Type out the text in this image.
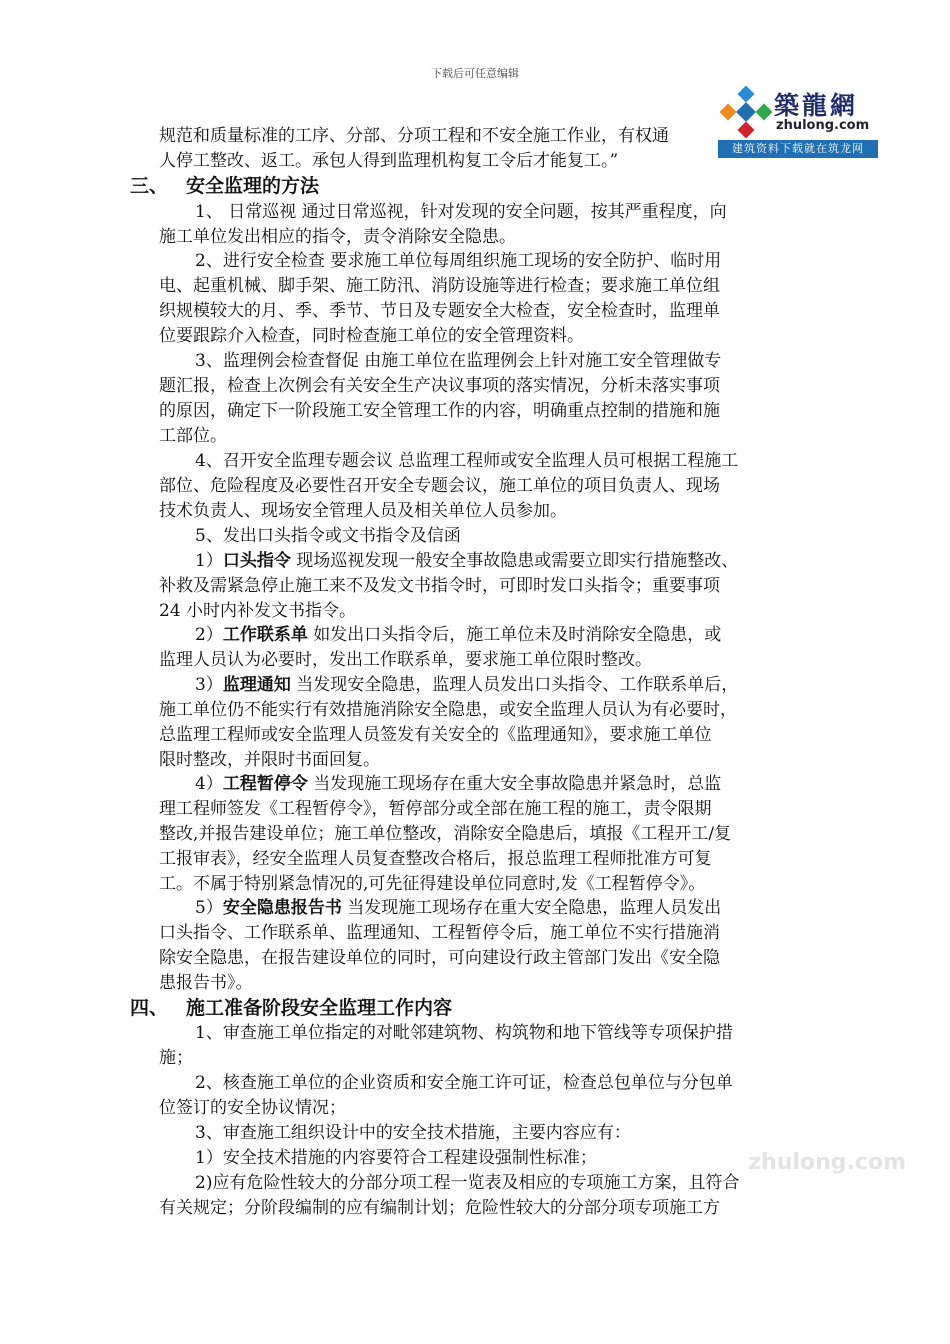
下载后可任意编辑
築龍網
zhulong.com
建筑资料下载就在筑龙网
规范和质量标准的工序、分部、分项工程和不安全施工作业，有权通
人停工整改、返工。承包人得到监理机构复工令后才能复工。”
三、 安全监理的方法
1、 日常巡视 通过日常巡视，针对发现的安全问题，按其严重程度，向
施工单位发出相应的指令，责令消除安全隐患。
2、进行安全检查 要求施工单位每周组织施工现场的安全防护、临时用
电、起重机械、脚手架、施工防汛、消防设施等进行检查；要求施工单位组
织规模较大的月、季、季节、节日及专题安全大检查，安全检查时，监理单
位要跟踪介入检查，同时检查施工单位的安全管理资料。
3、监理例会检查督促 由施工单位在监理例会上针对施工安全管理做专
题汇报，检查上次例会有关安全生产决议事项的落实情况，分析未落实事项
的原因，确定下一阶段施工安全管理工作的内容，明确重点控制的措施和施
工部位。
4、召开安全监理专题会议 总监理工程师或安全监理人员可根据工程施工
部位、危险程度及必要性召开安全专题会议，施工单位的项目负责人、现场
技术负责人、现场安全管理人员及相关单位人员参加。
5、发出口头指令或文书指令及信函
1）口头指令 现场巡视发现一般安全事故隐患或需要立即实行措施整改、
补救及需紧急停止施工来不及发文书指令时，可即时发口头指令；重要事项
24 小时内补发文书指令。
2）工作联系单 如发出口头指令后，施工单位未及时消除安全隐患，或
监理人员认为必要时，发出工作联系单，要求施工单位限时整改。
3）监理通知 当发现安全隐患，监理人员发出口头指令、工作联系单后，
施工单位仍不能实行有效措施消除安全隐患，或安全监理人员认为有必要时，
总监理工程师或安全监理人员签发有关安全的《监理通知》，要求施工单位
限时整改，并限时书面回复。
4）工程暂停令 当发现施工现场存在重大安全事故隐患并紧急时，总监
理工程师签发《工程暂停令》，暂停部分或全部在施工程的施工，责令限期
整改,并报告建设单位；施工单位整改，消除安全隐患后，填报《工程开工/复
工报审表》，经安全监理人员复查整改合格后，报总监理工程师批准方可复
工。不属于特别紧急情况的,可先征得建设单位同意时,发《工程暂停令》。
5）安全隐患报告书 当发现施工现场存在重大安全隐患，监理人员发出
口头指令、工作联系单、监理通知、工程暂停令后，施工单位不实行措施消
除安全隐患，在报告建设单位的同时，可向建设行政主管部门发出《安全隐
患报告书》。
四、 施工准备阶段安全监理工作内容
1、审查施工单位指定的对毗邻建筑物、构筑物和地下管线等专项保护措
施；
2、核查施工单位的企业资质和安全施工许可证，检查总包单位与分包单
位签订的安全协议情况；
3、审查施工组织设计中的安全技术措施，主要内容应有：
1）安全技术措施的内容要符合工程建设强制性标准；
2)应有危险性较大的分部分项工程一览表及相应的专项施工方案，且符合
有关规定；分阶段编制的应有编制计划；危险性较大的分部分项专项施工方
zhulong.com
